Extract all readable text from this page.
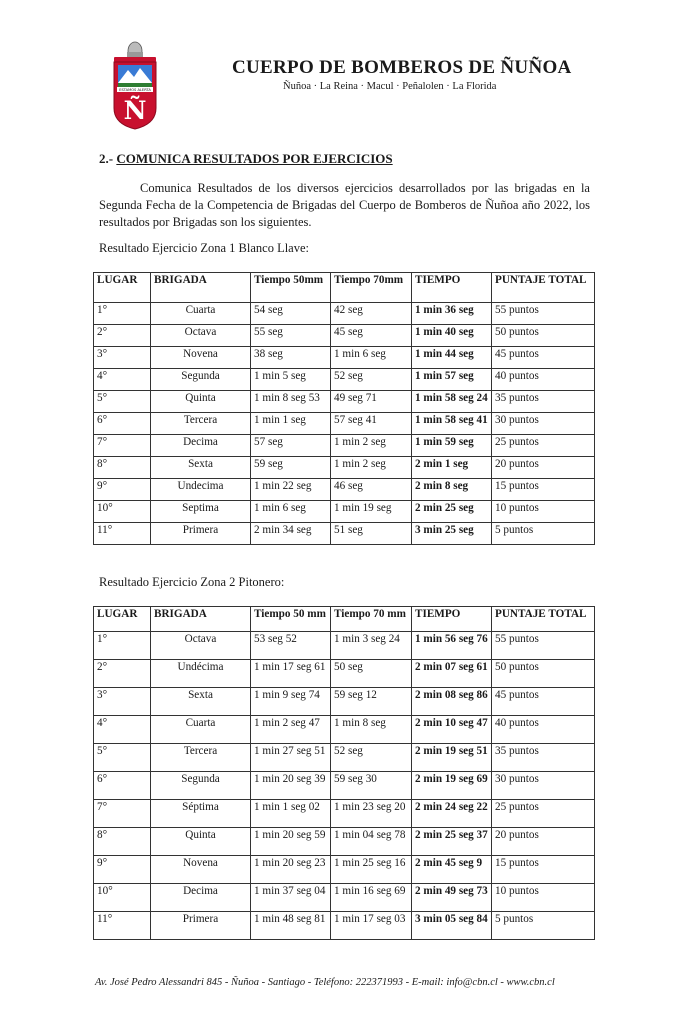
ESTAMOS ALERTA
Ñ
CUERPO DE BOMBEROS DE ÑUÑOA
Ñuñoa · La Reina · Macul · Peñalolen · La Florida
2.- COMUNICA RESULTADOS POR EJERCICIOS

Comunica Resultados de los diversos ejercicios desarrollados por las brigadas en la Segunda Fecha de la Competencia de Brigadas del Cuerpo de Bomberos de Ñuñoa año 2022, los resultados por Brigadas son los siguientes.

Resultado Ejercicio Zona 1 Blanco Llave:
LUGAR	BRIGADA	Tiempo 50mm	Tiempo 70mm	TIEMPO	PUNTAJE TOTAL
1°	Cuarta	54 seg	42 seg	1 min 36 seg	55 puntos
2°	Octava	55 seg	45 seg	1 min 40 seg	50 puntos
3°	Novena	38 seg	1 min 6 seg	1 min 44 seg	45 puntos
4°	Segunda	1 min 5 seg	52 seg	1 min 57 seg	40 puntos
5°	Quinta	1 min 8 seg 53	49 seg 71	1 min 58 seg 24	35 puntos
6°	Tercera	1 min 1 seg	57 seg 41	1 min 58 seg 41	30 puntos
7°	Decima	57 seg	1 min 2 seg	1 min 59 seg	25 puntos
8°	Sexta	59 seg	1 min 2 seg	2 min 1 seg	20 puntos
9°	Undecima	1 min 22 seg	46 seg	2 min 8 seg	15 puntos
10°	Septima	1 min 6 seg	1 min 19 seg	2 min 25 seg	10 puntos
11°	Primera	2 min 34 seg	51 seg	3 min 25 seg	5 puntos
Resultado Ejercicio Zona 2 Pitonero:
LUGAR	BRIGADA	Tiempo 50 mm	Tiempo 70 mm	TIEMPO	PUNTAJE TOTAL
1°	Octava	53 seg 52	1 min 3 seg 24	1 min 56 seg 76	55 puntos
2°	Undécima	1 min 17 seg 61	50 seg	2 min 07 seg 61	50 puntos
3°	Sexta	1 min 9 seg 74	59 seg 12	2 min 08 seg 86	45 puntos
4°	Cuarta	1 min 2 seg 47	1 min 8 seg	2 min 10 seg 47	40 puntos
5°	Tercera	1 min 27 seg 51	52 seg	2 min 19 seg 51	35 puntos
6°	Segunda	1 min 20 seg 39	59 seg 30	2 min 19 seg 69	30 puntos
7°	Séptima	1 min 1 seg 02	1 min 23 seg 20	2 min 24 seg 22	25 puntos
8°	Quinta	1 min 20 seg 59	1 min 04 seg 78	2 min 25 seg 37	20 puntos
9°	Novena	1 min 20 seg 23	1 min 25 seg 16	2 min 45 seg 9	15 puntos
10°	Decima	1 min 37 seg 04	1 min 16 seg 69	2 min 49 seg 73	10 puntos
11°	Primera	1 min 48 seg 81	1 min 17 seg 03	3 min 05 seg 84	5 puntos
Av. José Pedro Alessandri 845 - Ñuñoa - Santiago - Teléfono: 222371993 - E-mail: info@cbn.cl - www.cbn.cl
